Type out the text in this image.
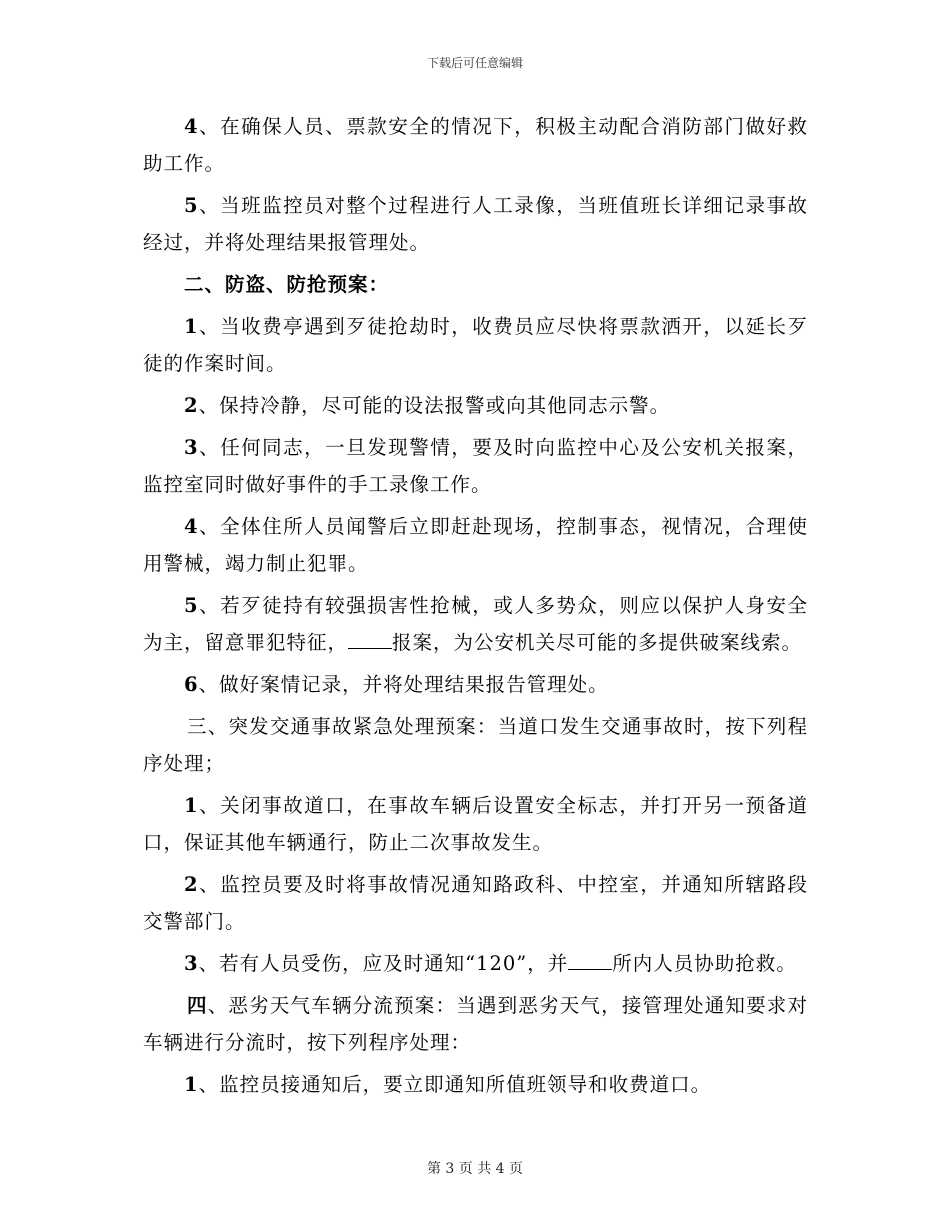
下载后可任意编辑

4、在确保人员、票款安全的情况下，积极主动配合消防部门做好救助工作。

5、当班监控员对整个过程进行人工录像，当班值班长详细记录事故经过，并将处理结果报管理处。

二、防盗、防抢预案：

1、当收费亭遇到歹徒抢劫时，收费员应尽快将票款洒开，以延长歹徒的作案时间。

2、保持冷静，尽可能的设法报警或向其他同志示警。

3、任何同志，一旦发现警情，要及时向监控中心及公安机关报案，监控室同时做好事件的手工录像工作。

4、全体住所人员闻警后立即赶赴现场，控制事态，视情况，合理使用警械，竭力制止犯罪。

5、若歹徒持有较强损害性抢械，或人多势众，则应以保护人身安全为主，留意罪犯特征， 报案，为公安机关尽可能的多提供破案线索。

6、做好案情记录，并将处理结果报告管理处。

三、突发交通事故紧急处理预案：当道口发生交通事故时，按下列程序处理；

1、关闭事故道口，在事故车辆后设置安全标志，并打开另一预备道口，保证其他车辆通行，防止二次事故发生。

2、监控员要及时将事故情况通知路政科、中控室，并通知所辖路段交警部门。

3、若有人员受伤，应及时通知“120”，并 所内人员协助抢救。

四、恶劣天气车辆分流预案：当遇到恶劣天气，接管理处通知要求对车辆进行分流时，按下列程序处理：

1、监控员接通知后，要立即通知所值班领导和收费道口。

第 3 页 共 4 页
